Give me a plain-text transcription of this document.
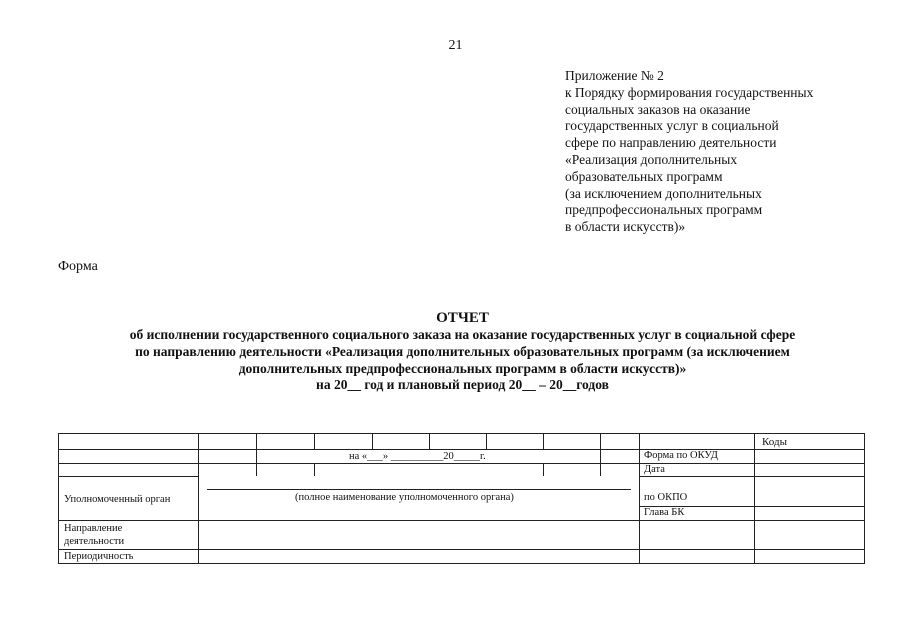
21
Приложение № 2
к Порядку формирования государственных
социальных заказов на оказание
государственных услуг в социальной
сфере по направлению деятельности
«Реализация дополнительных
образовательных программ
(за исключением дополнительных
предпрофессиональных программ
в области искусств)»
Форма
ОТЧЕТ
об исполнении государственного социального заказа на оказание государственных услуг в социальной сфере
по направлению деятельности «Реализация дополнительных образовательных программ (за исключением
дополнительных предпрофессиональных программ в области искусств)»
на 20__ год и плановый период 20__ – 20__годов
Коды
на «___» __________20_____г.	Форма по ОКУД
Дата
Уполномоченный орган	(полное наименование уполномоченного органа)	по ОКПО
Глава БК
Направление
деятельности
Периодичность
